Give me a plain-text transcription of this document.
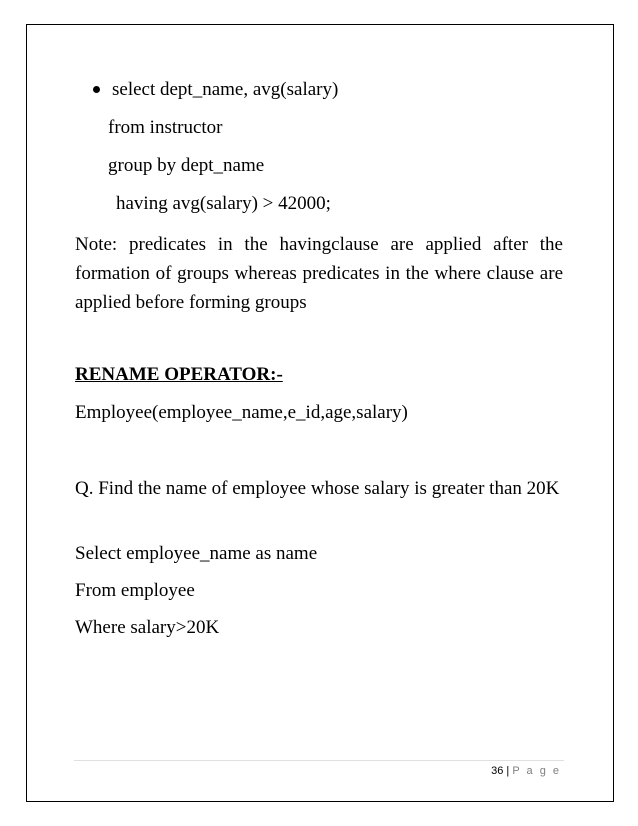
select dept_name, avg(salary)
from instructor
group by dept_name
having avg(salary) > 42000;
Note: predicates in the havingclause are applied after the formation of groups whereas predicates in the where clause are applied before forming groups
RENAME OPERATOR:-
Employee(employee_name,e_id,age,salary)
Q. Find the name of employee whose salary is greater than 20K
Select employee_name as name
From employee
Where salary>20K
36 | P a g e
